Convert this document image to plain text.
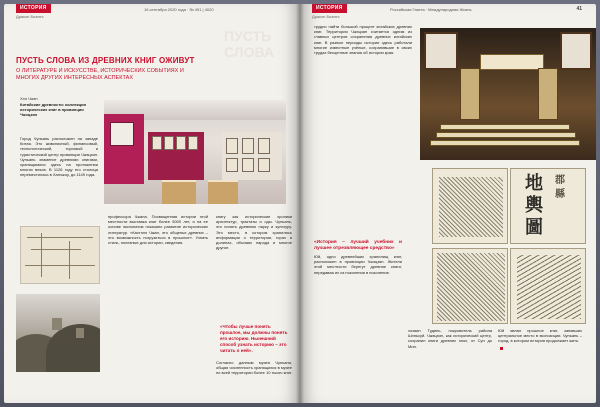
ИСТОРИЯ
Дракон Бизнес
16 сентября 2020 года · № 491 | 4020
ПУСТЬ СЛОВА
ПУСТЬ СЛОВА ИЗ ДРЕВНИХ КНИГ ОЖИВУТ
О ЛИТЕРАТУРЕ И ИСКУССТВЕ, ИСТОРИЧЕСКИХ СОБЫТИЯХ И МНОГИХ ДРУГИХ ИНТЕРЕСНЫХ АСПЕКТАХ
Хэн Чжэн
Китайские древности: коллекция исторических книг в провинции Чжэцзян

Город Чуньань расположен на западе Китая. Это живописный, финансовый, технологический, торговый и туристический центр провинции Чжэцзян. Чуньань знаменит древними книгами, хранящимися здесь на протяжении многих веков. В 1126 году его столица переместилась в Ханчжоу, до 1149 года.

профессора Чжана. Посвященная истории этой местности выставка книг более 5000 лет, и на ее основе экспонатов показано развитие исторических литератур. «Кастэлэ Чжан, это общенья древних – это возможность погрузиться в прошлое». Узнать стиль, полезные для истории, сведения.

книгу как исторические хроники архитектур, трактаты и оды. Чуньань, это понять древнюю науку и культуру. Это место, в котором хранились информация о территории, горах и долинах, обычаях народа и многое другое.

«Чтобы лучше понять прошлое, мы должны понять его историю. Нынешний способ узнать историю – это читать о ней».

Согласно данным музея Чуньаня, общая численность хранящихся в музее по всей территории более 10 тысяч книг.

ИСТОРИЯ
Дракон Бизнес
Российская Газета · Международная Жизнь	41

трудно найти большой процент китайских древних книг. Территория Чжэцзян считается одним из главных центров сохранения древних китайских книг. В разные периоды истории здесь работали многие известные учёные, сохранившие в своих трудах бесценные знания об истории края.

地
輿
圖
郡
縣

«История – лучший учебник и лучшее отрезвляющее средство»

Юй, одно древнейших хранилищ книг, расположен в провинции Чжэцзян. Жители этой местности берегут древние книги, передавая их из поколения в поколение.

хозяин Тудинь, покровитель района Шэньсуй. Чжэцзян, как исторический центр, сохранил книги древних эпох, от Сун до Мин.

Юй являл прошлое книг, занявших центральное место в экспозиции. Чуньань – город, в котором история продолжает жить.
